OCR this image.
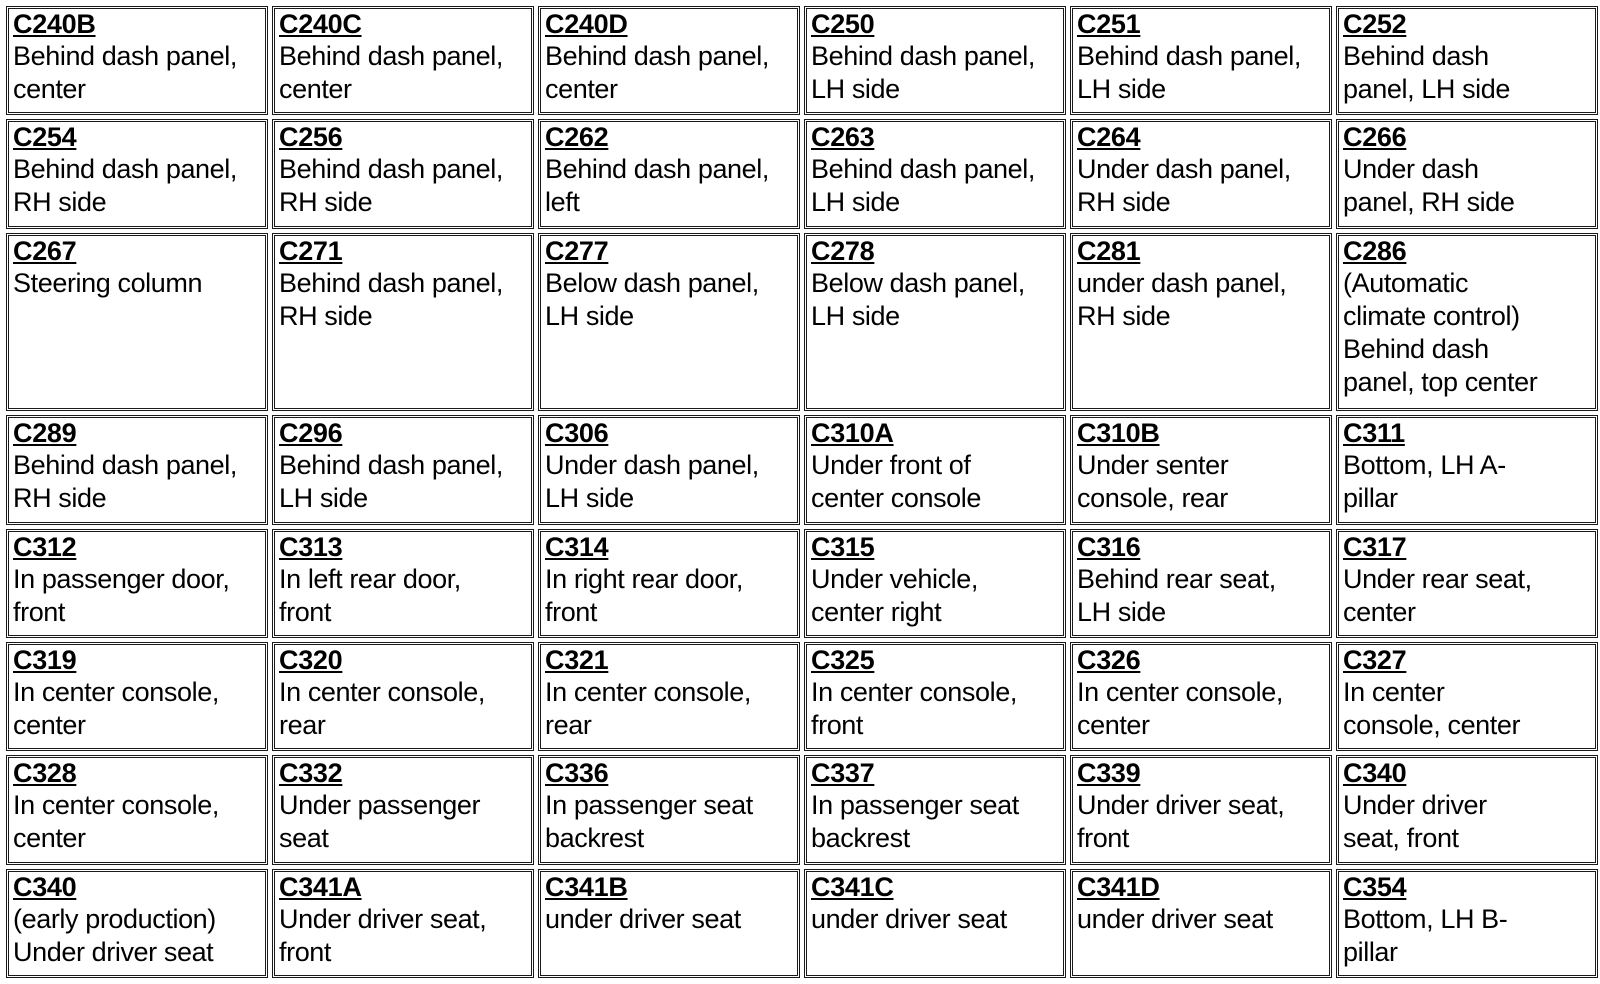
C240B
Behind dash panel,
center	C240C
Behind dash panel,
center	C240D
Behind dash panel,
center	C250
Behind dash panel,
LH side	C251
Behind dash panel,
LH side	C252
Behind dash
panel, LH side

C254
Behind dash panel,
RH side	C256
Behind dash panel,
RH side	C262
Behind dash panel,
left	C263
Behind dash panel,
LH side	C264
Under dash panel,
RH side	C266
Under dash
panel, RH side

C267
Steering column	C271
Behind dash panel,
RH side	C277
Below dash panel,
LH side	C278
Below dash panel,
LH side	C281
under dash panel,
RH side	C286
(Automatic
climate control)
Behind dash
panel, top center

C289
Behind dash panel,
RH side	C296
Behind dash panel,
LH side	C306
Under dash panel,
LH side	C310A
Under front of
center console	C310B
Under senter
console, rear	C311
Bottom, LH A-
pillar

C312
In passenger door,
front	C313
In left rear door,
front	C314
In right rear door,
front	C315
Under vehicle,
center right	C316
Behind rear seat,
LH side	C317
Under rear seat,
center

C319
In center console,
center	C320
In center console,
rear	C321
In center console,
rear	C325
In center console,
front	C326
In center console,
center	C327
In center
console, center

C328
In center console,
center	C332
Under passenger
seat	C336
In passenger seat
backrest	C337
In passenger seat
backrest	C339
Under driver seat,
front	C340
Under driver
seat, front

C340
(early production)
Under driver seat	C341A
Under driver seat,
front	C341B
under driver seat	C341C
under driver seat	C341D
under driver seat	C354
Bottom, LH B-
pillar
